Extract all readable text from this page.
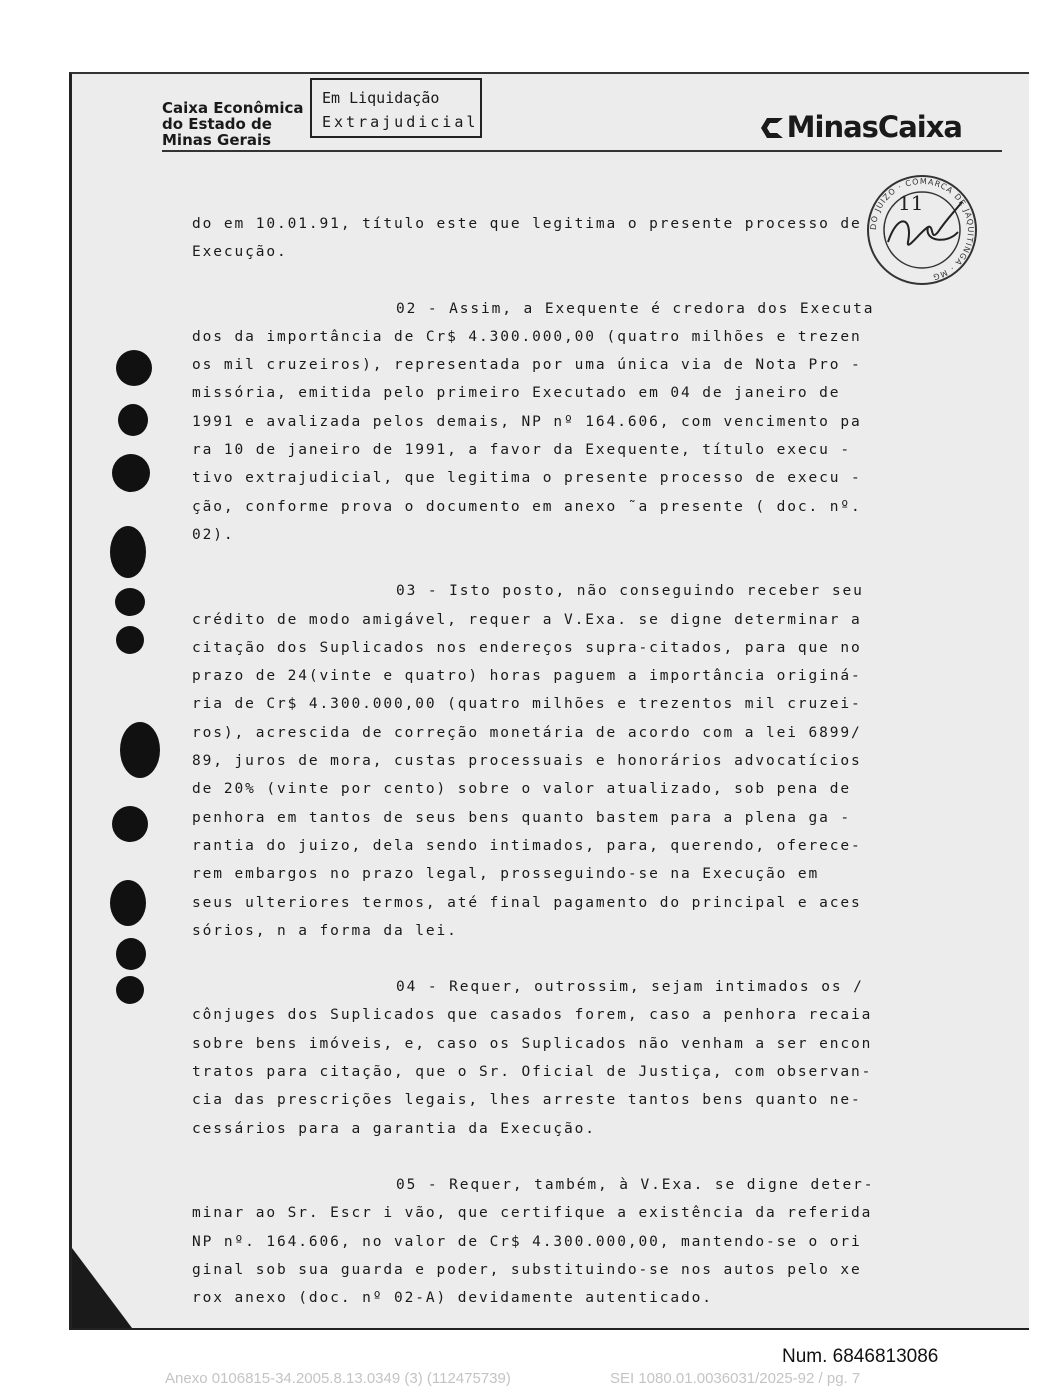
Caixa Econômica
do Estado de
Minas Gerais
Em Liquidação
Extrajudicial	MinasCaixa
DO JUIZO · COMARCA DE JAQUITINGA · MG
11

do em 10.01.91, título este que legitima o presente processo de

Execução.

02 - Assim, a Exequente é credora dos Executa

dos da importância de Cr$ 4.300.000,00 (quatro milhões e trezen

os mil cruzeiros), representada por uma única via de Nota Pro -

missória, emitida pelo primeiro Executado em 04 de janeiro de

1991 e avalizada pelos demais, NP nº 164.606, com vencimento pa

ra 10 de janeiro de 1991, a favor da Exequente, título execu -

tivo extrajudicial, que legitima o presente processo de execu -

ção, conforme prova o documento em anexo ˜a presente ( doc. nº.

02).

03 - Isto posto, não conseguindo receber seu

crédito de modo amigável, requer a V.Exa. se digne determinar a

citação dos Suplicados nos endereços supra-citados, para que no

prazo de 24(vinte e quatro) horas paguem a importância originá-

ria de Cr$ 4.300.000,00 (quatro milhões e trezentos mil cruzei-

ros), acrescida de correção monetária de acordo com a lei 6899/

89, juros de mora, custas processuais e honorários advocatícios

de 20% (vinte por cento) sobre o valor atualizado, sob pena de

penhora em tantos de seus bens quanto bastem para a plena ga -

rantia do juizo, dela sendo intimados, para, querendo, oferece-

rem embargos no prazo legal, prosseguindo-se na Execução em

seus ulteriores termos, até final pagamento do principal e aces

sórios, n a forma da lei.

04 - Requer, outrossim, sejam intimados os /

cônjuges dos Suplicados que casados forem, caso a penhora recaia

sobre bens imóveis, e, caso os Suplicados não venham a ser encon

tratos para citação, que o Sr. Oficial de Justiça, com observan-

cia das prescrições legais, lhes arreste tantos bens quanto ne-

cessários para a garantia da Execução.

05 - Requer, também, à V.Exa. se digne deter-

minar ao Sr. Escr i vão, que certifique a existência da referida

NP nº. 164.606, no valor de Cr$ 4.300.000,00, mantendo-se o ori

ginal sob sua guarda e poder, substituindo-se nos autos pelo xe

rox anexo (doc. nº 02-A) devidamente autenticado.

Num. 6846813086
Anexo 0106815-34.2005.8.13.0349 (3) (112475739)	SEI 1080.01.0036031/2025-92 / pg. 7
